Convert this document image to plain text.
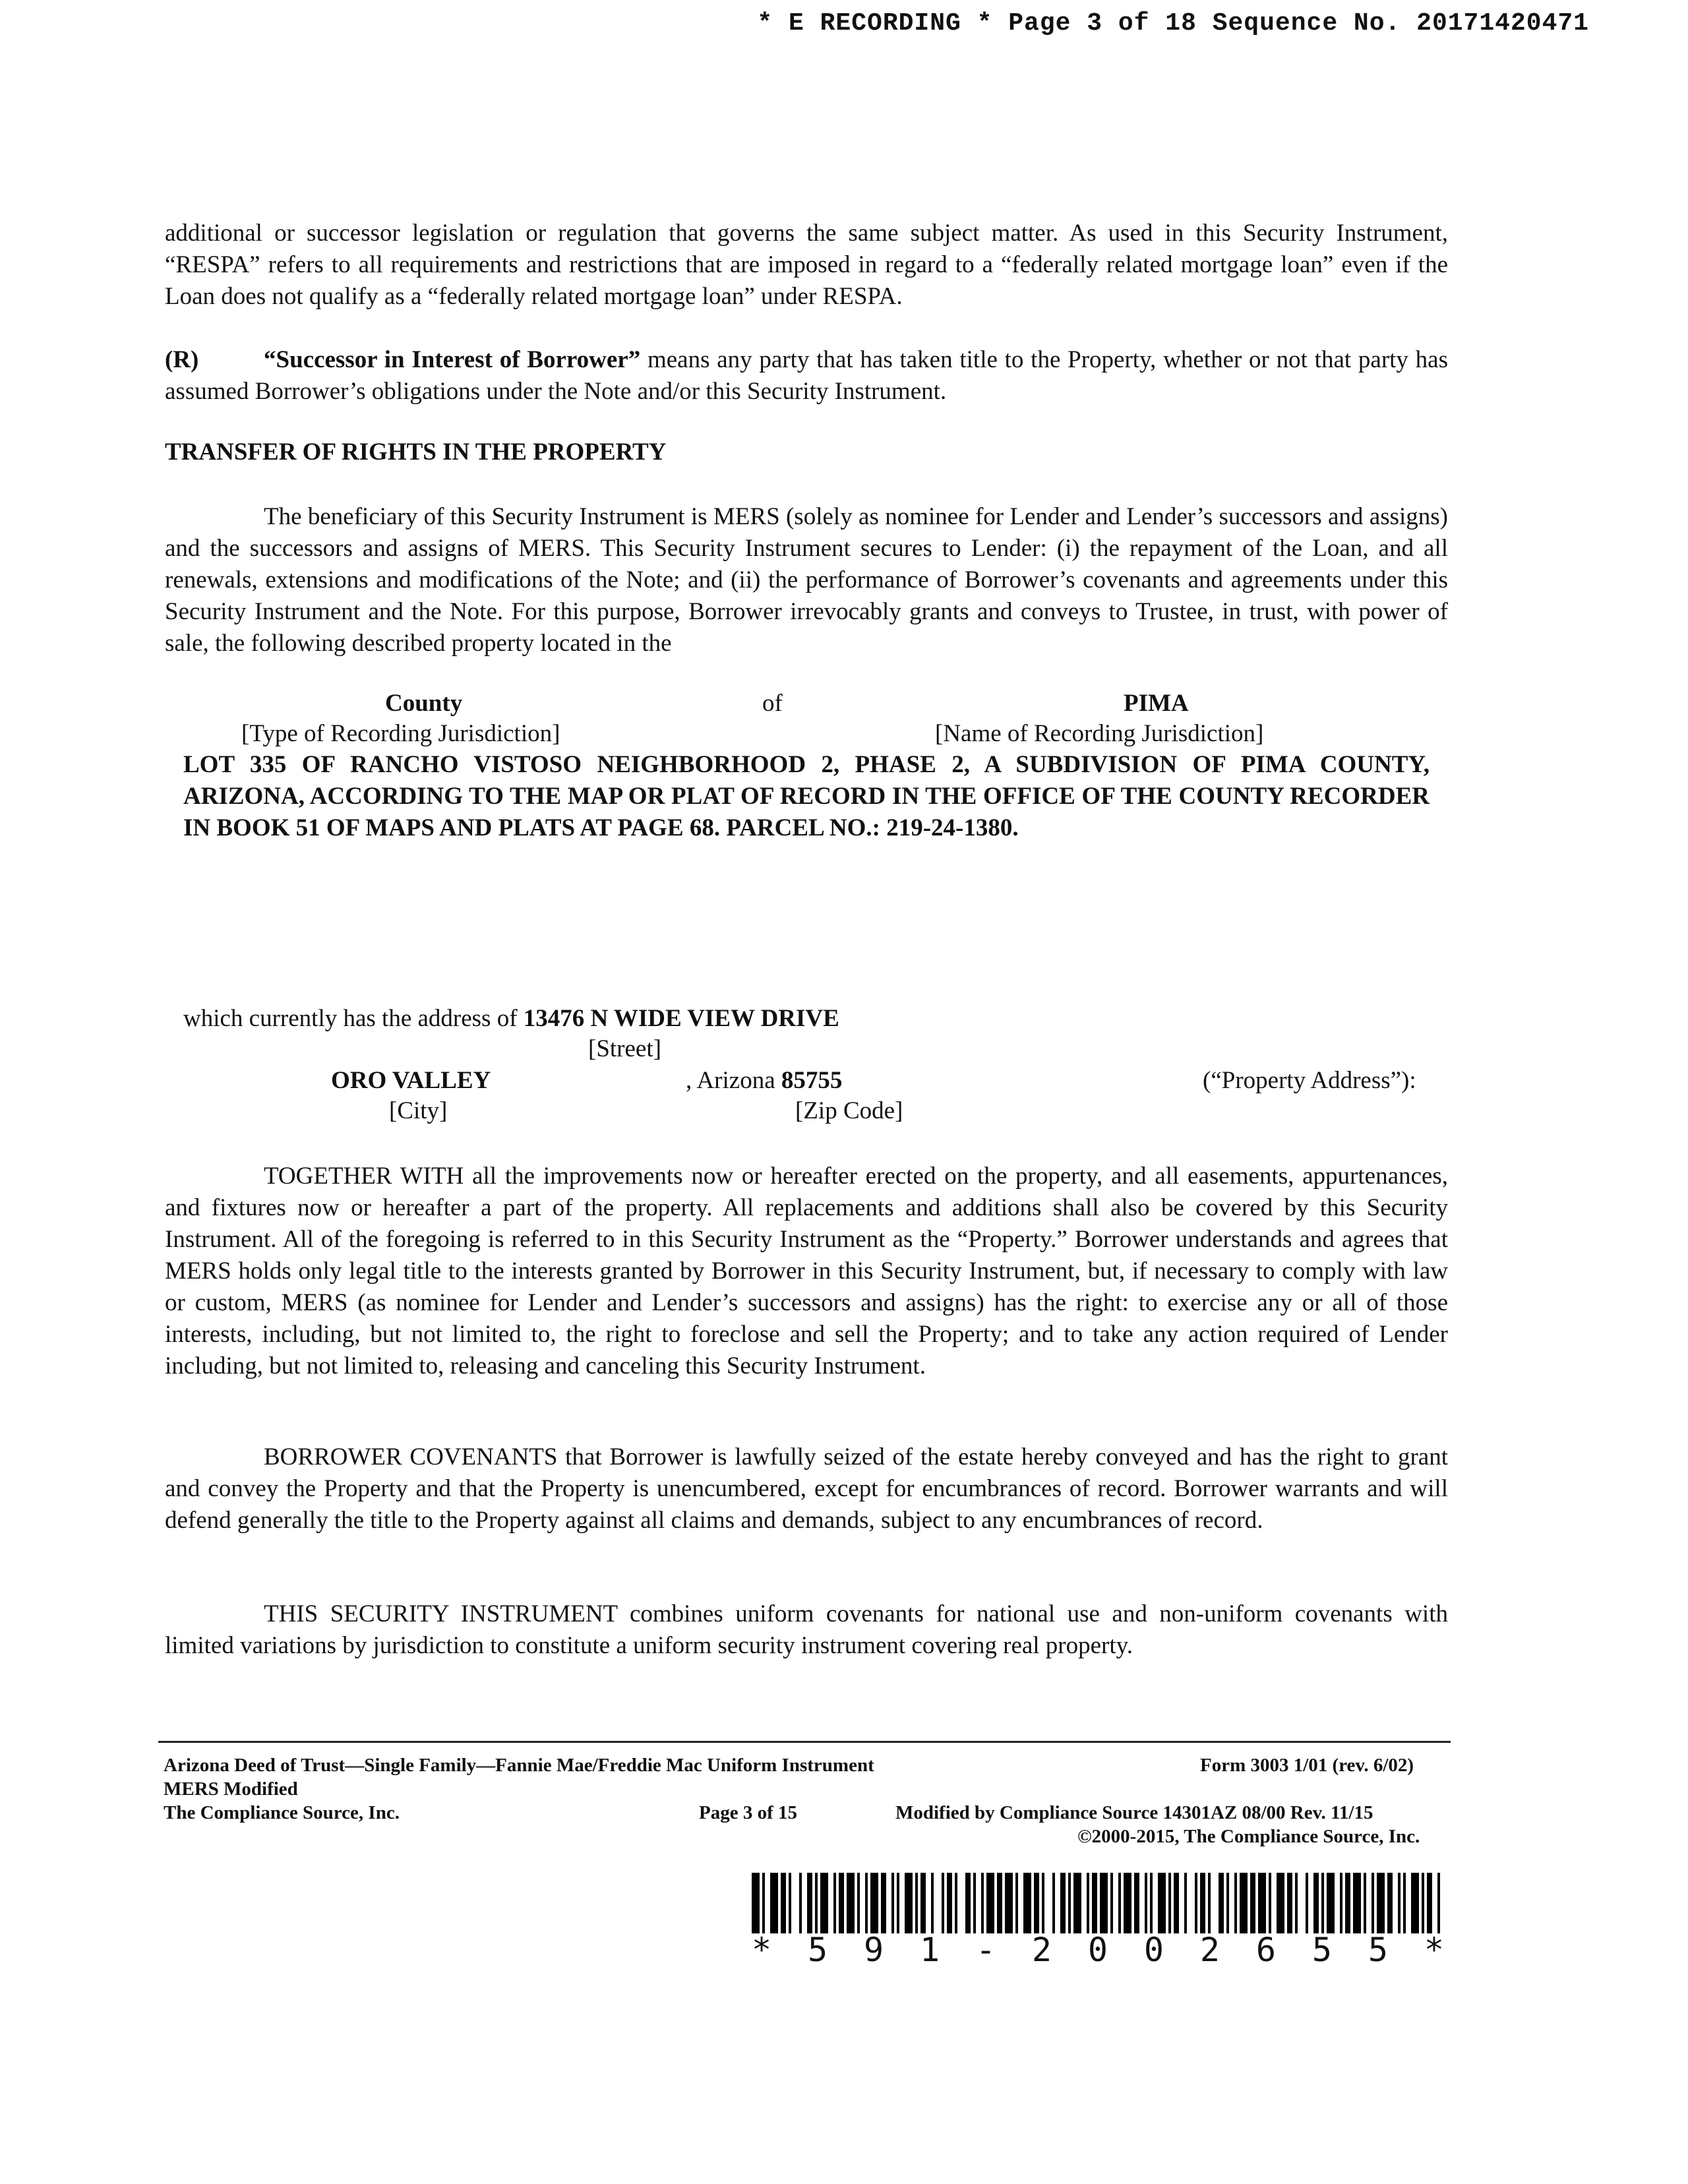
* E RECORDING * Page 3 of 18 Sequence No. 20171420471
additional or successor legislation or regulation that governs the same subject matter. As used in this Security Instrument, “RESPA” refers to all requirements and restrictions that are imposed in regard to a “federally related mortgage loan” even if the Loan does not qualify as a “federally related mortgage loan” under RESPA.
(R)	“Successor in Interest of Borrower” means any party that has taken title to the Property, whether or not that party has assumed Borrower’s obligations under the Note and/or this Security Instrument.
TRANSFER OF RIGHTS IN THE PROPERTY
The beneficiary of this Security Instrument is MERS (solely as nominee for Lender and Lender’s successors and assigns) and the successors and assigns of MERS. This Security Instrument secures to Lender: (i) the repayment of the Loan, and all renewals, extensions and modifications of the Note; and (ii) the performance of Borrower’s covenants and agreements under this Security Instrument and the Note. For this purpose, Borrower irrevocably grants and conveys to Trustee, in trust, with power of sale, the following described property located in the
County	of	PIMA
[Type of Recording Jurisdiction]	[Name of Recording Jurisdiction]
LOT 335 OF RANCHO VISTOSO NEIGHBORHOOD 2, PHASE 2, A SUBDIVISION OF PIMA COUNTY, ARIZONA, ACCORDING TO THE MAP OR PLAT OF RECORD IN THE OFFICE OF THE COUNTY RECORDER IN BOOK 51 OF MAPS AND PLATS AT PAGE 68. PARCEL NO.: 219-24-1380.
which currently has the address of 13476 N WIDE VIEW DRIVE
[Street]
ORO VALLEY	, Arizona 85755	(“Property Address”):
[City]	[Zip Code]
TOGETHER WITH all the improvements now or hereafter erected on the property, and all easements, appurtenances, and fixtures now or hereafter a part of the property. All replacements and additions shall also be covered by this Security Instrument. All of the foregoing is referred to in this Security Instrument as the “Property.” Borrower understands and agrees that MERS holds only legal title to the interests granted by Borrower in this Security Instrument, but, if necessary to comply with law or custom, MERS (as nominee for Lender and Lender’s successors and assigns) has the right: to exercise any or all of those interests, including, but not limited to, the right to foreclose and sell the Property; and to take any action required of Lender including, but not limited to, releasing and canceling this Security Instrument.
BORROWER COVENANTS that Borrower is lawfully seized of the estate hereby conveyed and has the right to grant and convey the Property and that the Property is unencumbered, except for encumbrances of record. Borrower warrants and will defend generally the title to the Property against all claims and demands, subject to any encumbrances of record.
THIS SECURITY INSTRUMENT combines uniform covenants for national use and non-uniform covenants with limited variations by jurisdiction to constitute a uniform security instrument covering real property.
Arizona Deed of Trust—Single Family—Fannie Mae/Freddie Mac Uniform Instrument	Form 3003 1/01 (rev. 6/02)
MERS Modified
The Compliance Source, Inc.	Page 3 of 15	Modified by Compliance Source 14301AZ 08/00 Rev. 11/15
©2000-2015, The Compliance Source, Inc.
* 5 9 1 - 2 0 0 2 6 5 5 *
